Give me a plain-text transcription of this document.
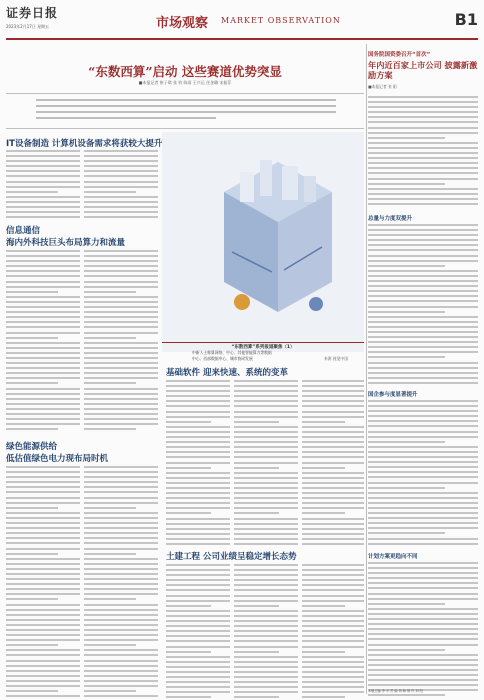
证券日报
2023年2月17日 星期五	市场观察 MARKET OBSERVATION	B1
“东数西算”启动 这些赛道优势突显
■本报记者 崔子琪 张 钧 陈雨 王兴运 任金璐 宋振菲
IT设备制造 计算机设备需求将获较大提升
信息通信
海内外科技巨头布局算力和流量
绿色能源供给
低估值绿色电力现布局时机
基础软件 迎来快速、系统的变革
土建工程 公司业绩呈稳定增长态势
“东数西算”系列报道聚焦（1）
中新人士称算网络、中心、其他智能算力等数据中心、西部数据中心、城市协同发展	来源 视觉中国
国务院国资委召开“首次”
年内近百家上市公司 披露新激励方案
■本报记者 张 阳
总量与力度双提升
国企参与度显著提升
计划方案更趋向不同
本版主编 李 平 责 编 刘 畅 制 作 刘 阳
